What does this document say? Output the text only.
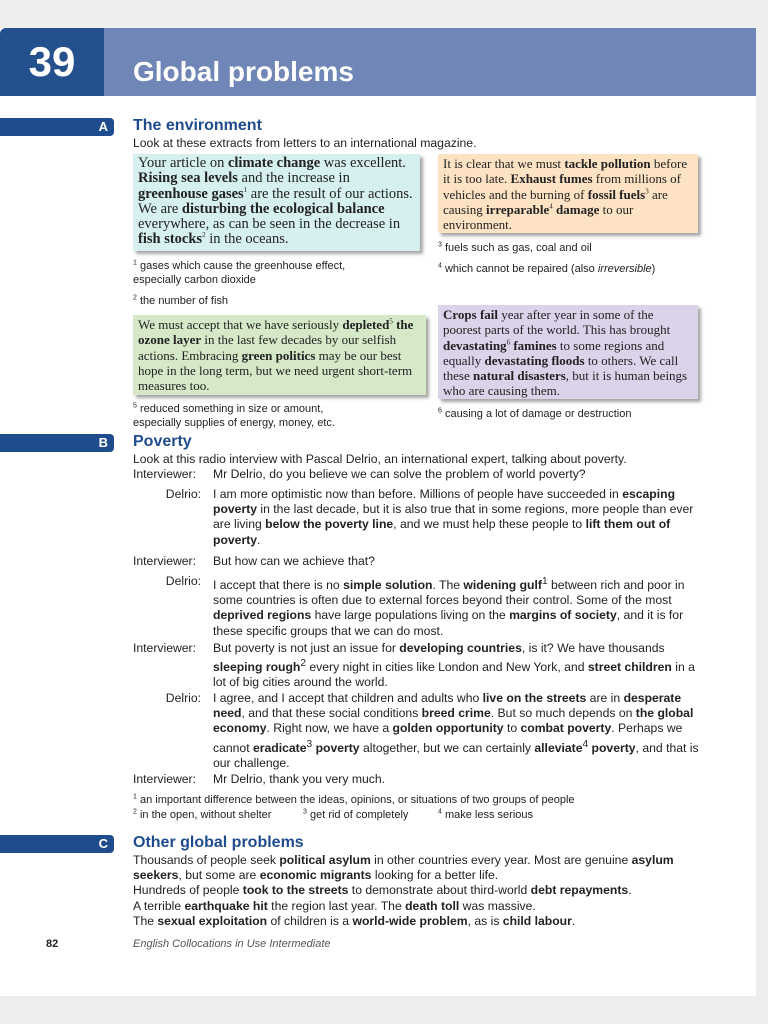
39	Global problems
A	The environment
Look at these extracts from letters to an international magazine.
Your article on climate change was excellent. Rising sea levels and the increase in greenhouse gases$^1$ are the result of our actions. We are disturbing the ecological balance everywhere, as can be seen in the decrease in fish stocks$^2$ in the oceans.
It is clear that we must tackle pollution before it is too late. Exhaust fumes from millions of vehicles and the burning of fossil fuels$^3$ are causing irreparable$^4$ damage to our environment.
$^1$ gases which cause the greenhouse effect, especially carbon dioxide
$^2$ the number of fish
$^3$ fuels such as gas, coal and oil
$^4$ which cannot be repaired (also irreversible)
We must accept that we have seriously depleted$^5$ the ozone layer in the last few decades by our selfish actions. Embracing green politics may be our best hope in the long term, but we need urgent short-term measures too.
Crops fail year after year in some of the poorest parts of the world. This has brought devastating$^6$ famines to some regions and equally devastating floods to others. We call these natural disasters, but it is human beings who are causing them.
$^5$ reduced something in size or amount, especially supplies of energy, money, etc.
$^6$ causing a lot of damage or destruction
B	Poverty
Look at this radio interview with Pascal Delrio, an international expert, talking about poverty.
Interviewer:	Mr Delrio, do you believe we can solve the problem of world poverty?
Delrio: I am more optimistic now than before. Millions of people have succeeded in escaping poverty in the last decade, but it is also true that in some regions, more people than ever are living below the poverty line, and we must help these people to lift them out of poverty.
Interviewer:	But how can we achieve that?
Delrio: I accept that there is no simple solution. The widening gulf$^1$ between rich and poor in some countries is often due to external forces beyond their control. Some of the most deprived regions have large populations living on the margins of society, and it is for these specific groups that we can do most.
Interviewer:	But poverty is not just an issue for developing countries, is it? We have thousands sleeping rough$^2$ every night in cities like London and New York, and street children in a lot of big cities around the world.
Delrio: I agree, and I accept that children and adults who live on the streets are in desperate need, and that these social conditions breed crime. But so much depends on the global economy. Right now, we have a golden opportunity to combat poverty. Perhaps we cannot eradicate$^3$ poverty altogether, but we can certainly alleviate$^4$ poverty, and that is our challenge.
Interviewer:	Mr Delrio, thank you very much.
$^1$ an important difference between the ideas, opinions, or situations of two groups of people
$^2$ in the open, without shelter	$^3$ get rid of completely	$^4$ make less serious
C	Other global problems
Thousands of people seek political asylum in other countries every year. Most are genuine asylum seekers, but some are economic migrants looking for a better life.
Hundreds of people took to the streets to demonstrate about third-world debt repayments.
A terrible earthquake hit the region last year. The death toll was massive.
The sexual exploitation of children is a world-wide problem, as is child labour.
82	English Collocations in Use Intermediate
